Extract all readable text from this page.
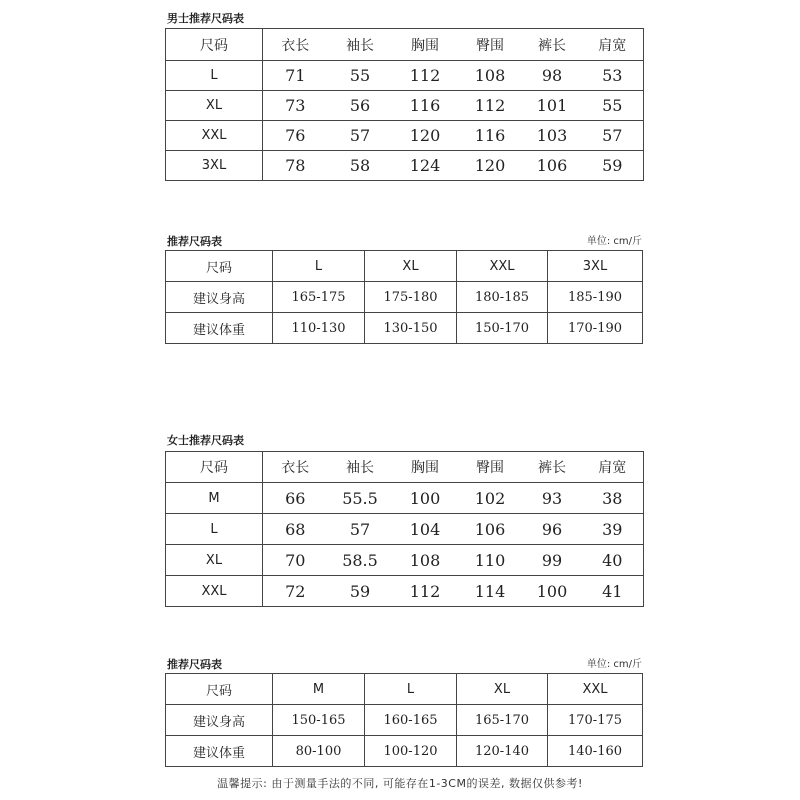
男士推荐尺码表
尺码	衣长	袖长	胸围	臀围	裤长	肩宽
L	71	55	112	108	98	53
XL	73	56	116	112	101	55
XXL	76	57	120	116	103	57
3XL	78	58	124	120	106	59
推荐尺码表	单位: cm/斤
尺码	L	XL	XXL	3XL
建议身高	165-175	175-180	180-185	185-190
建议体重	110-130	130-150	150-170	170-190
女士推荐尺码表
尺码	衣长	袖长	胸围	臀围	裤长	肩宽
M	66	55.5	100	102	93	38
L	68	57	104	106	96	39
XL	70	58.5	108	110	99	40
XXL	72	59	112	114	100	41
推荐尺码表	单位: cm/斤
尺码	M	L	XL	XXL
建议身高	150-165	160-165	165-170	170-175
建议体重	80-100	100-120	120-140	140-160
温馨提示: 由于测量手法的不同, 可能存在1-3CM的误差, 数据仅供参考!
